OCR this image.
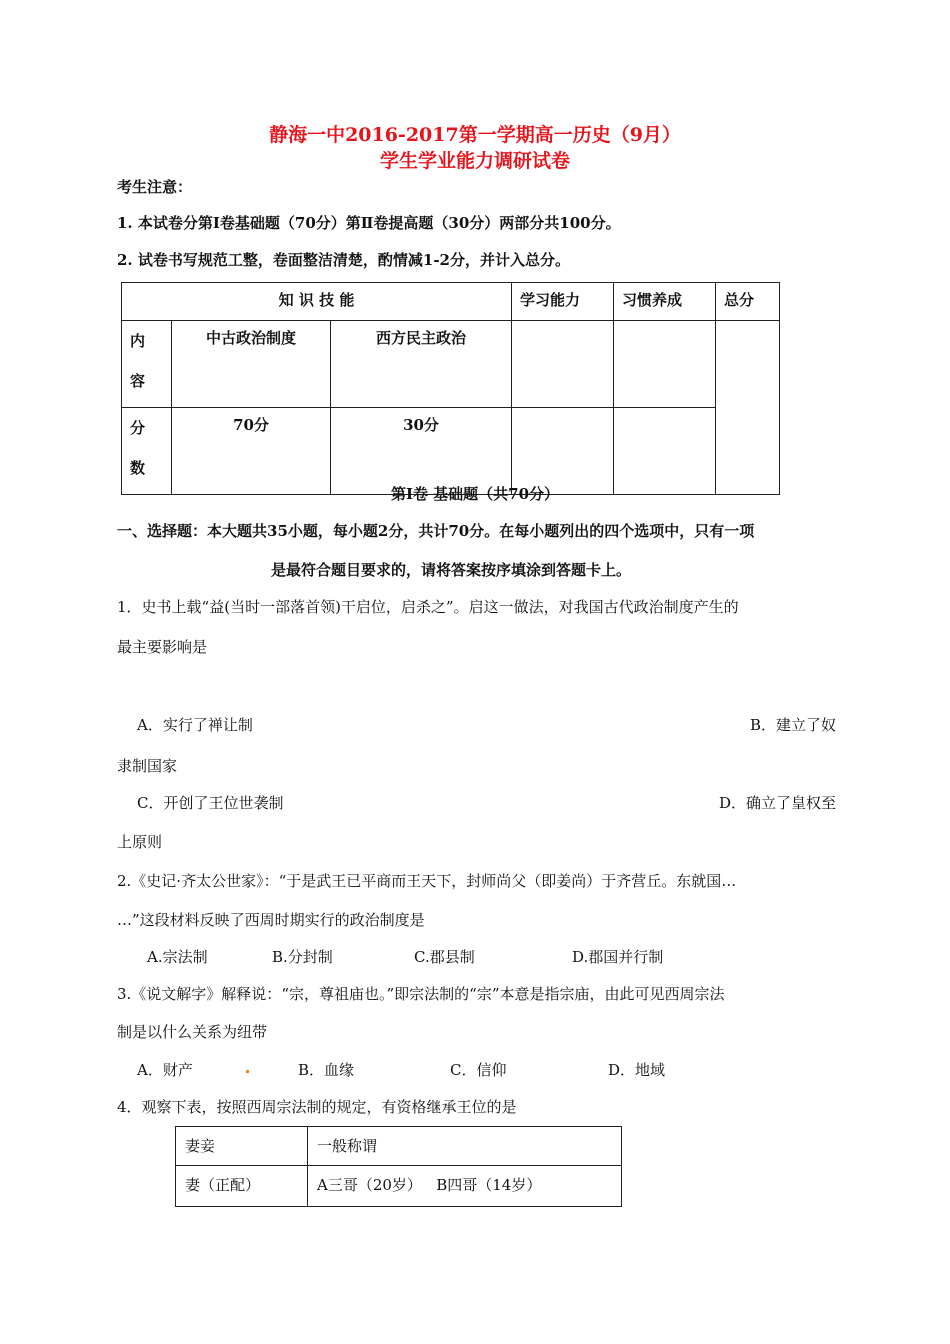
静海一中2016-2017第一学期高一历史（9月）
学生学业能力调研试卷
考生注意：
1. 本试卷分第Ⅰ卷基础题（70分）第Ⅱ卷提高题（30分）两部分共100分。
2. 试卷书写规范工整，卷面整洁清楚，酌情减1-2分，并计入总分。
知 识 技 能			学习能力	习惯养成	总分
内
容	中古政治制度	西方民主政治			
分
数	70分	30分			
第Ⅰ卷 基础题（共70分）
一、选择题：本大题共35小题，每小题2分，共计70分。在每小题列出的四个选项中，只有一项
是最符合题目要求的，请将答案按序填涂到答题卡上。
1．史书上载“益(当时一部落首领)干启位，启杀之”。启这一做法，对我国古代政治制度产生的
最主要影响是
A．实行了禅让制	B．建立了奴
隶制国家
C．开创了王位世袭制	D．确立了皇权至
上原则
2.《史记·齐太公世家》：“于是武王已平商而王天下，封师尚父（即姜尚）于齐营丘。东就国…
…”这段材料反映了西周时期实行的政治制度是
A.宗法制	B.分封制	C.郡县制	D.郡国并行制
3.《说文解字》解释说：“宗，尊祖庙也。”即宗法制的“宗”本意是指宗庙，由此可见西周宗法
制是以什么关系为纽带
A．财产	B．血缘	C．信仰	D．地域
4．观察下表，按照西周宗法制的规定，有资格继承王位的是
妻妾	一般称谓
妻（正配）	A三哥（20岁）   B四哥（14岁）
